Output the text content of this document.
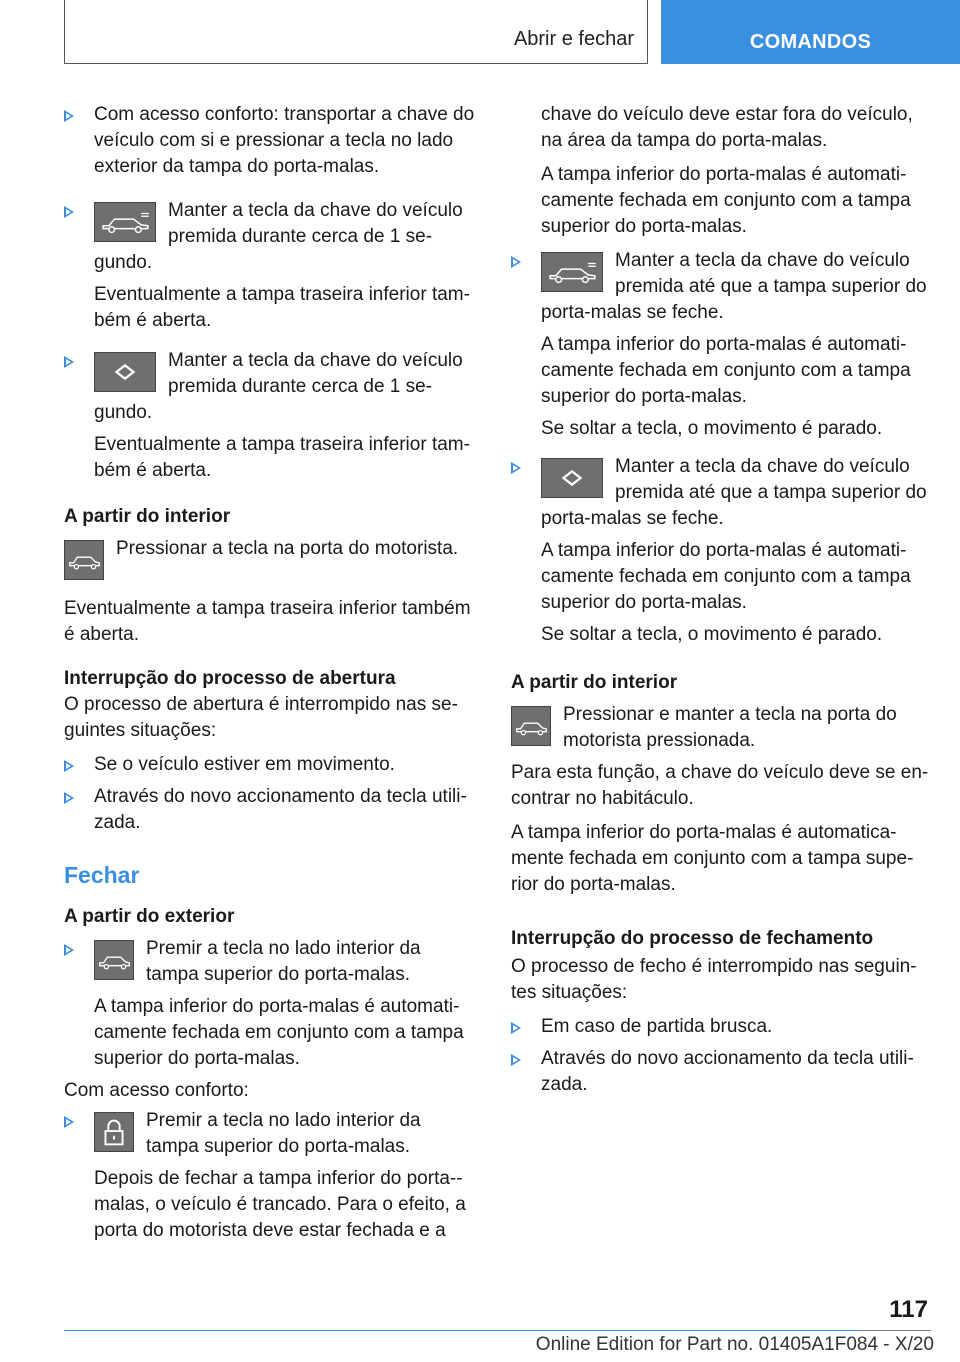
Abrir e fechar	COMANDOS

Com acesso conforto: transportar a chave do veículo com si e pressionar a tecla no lado exterior da tampa do porta-malas.

Manter a tecla da chave do veículo premida durante cerca de 1 segundo.

Eventualmente a tampa traseira inferior também é aberta.

Manter a tecla da chave do veículo premida durante cerca de 1 segundo.

Eventualmente a tampa traseira inferior também é aberta.

A partir do interior

Pressionar a tecla na porta do motorista.

Eventualmente a tampa traseira inferior também é aberta.

Interrupção do processo de abertura

O processo de abertura é interrompido nas seguintes situações:

Se o veículo estiver em movimento.

Através do novo accionamento da tecla utilizada.

Fechar
A partir do exterior

Premir a tecla no lado interior da tampa superior do porta-malas.

A tampa inferior do porta-malas é automaticamente fechada em conjunto com a tampa superior do porta-malas.

Com acesso conforto:

Premir a tecla no lado interior da tampa superior do porta-malas.

Depois de fechar a tampa inferior do porta-malas, o veículo é trancado. Para o efeito, a porta do motorista deve estar fechada e a

chave do veículo deve estar fora do veículo, na área da tampa do porta-malas.

A tampa inferior do porta-malas é automaticamente fechada em conjunto com a tampa superior do porta-malas.

Manter a tecla da chave do veículo premida até que a tampa superior do porta-malas se feche.

A tampa inferior do porta-malas é automaticamente fechada em conjunto com a tampa superior do porta-malas.

Se soltar a tecla, o movimento é parado.

Manter a tecla da chave do veículo premida até que a tampa superior do porta-malas se feche.

A tampa inferior do porta-malas é automaticamente fechada em conjunto com a tampa superior do porta-malas.

Se soltar a tecla, o movimento é parado.

A partir do interior

Pressionar e manter a tecla na porta do motorista pressionada.

Para esta função, a chave do veículo deve se encontrar no habitáculo.

A tampa inferior do porta-malas é automaticamente fechada em conjunto com a tampa superior do porta-malas.

Interrupção do processo de fechamento

O processo de fecho é interrompido nas seguintes situações:

Em caso de partida brusca.

Através do novo accionamento da tecla utilizada.

117
Online Edition for Part no. 01405A1F084 - X/20
